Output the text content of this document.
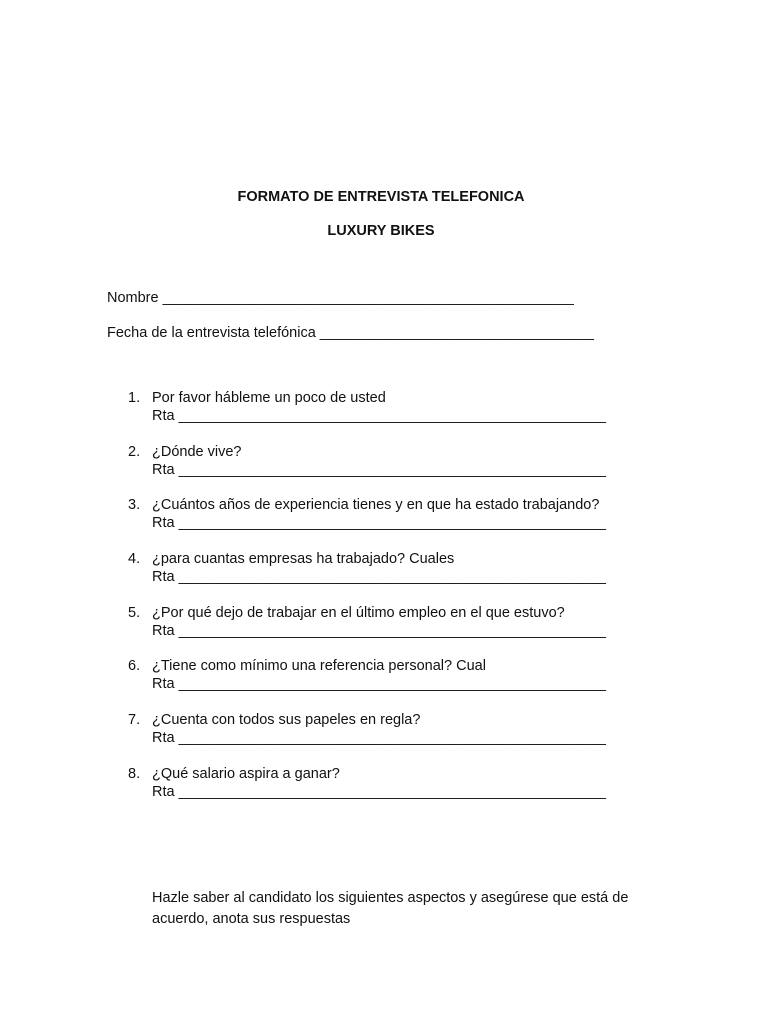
FORMATO DE ENTREVISTA TELEFONICA

LUXURY BIKES

Nombre ___________________________________________________
Fecha de la entrevista telefónica __________________________________
1. Por favor hábleme un poco de usted
Rta _____________________________________________________
2. ¿Dónde vive?
Rta _____________________________________________________
3. ¿Cuántos años de experiencia tienes y en que ha estado trabajando?
Rta _____________________________________________________
4. ¿para cuantas empresas ha trabajado? Cuales
Rta _____________________________________________________
5. ¿Por qué dejo de trabajar en el último empleo en el que estuvo?
Rta _____________________________________________________
6. ¿Tiene como mínimo una referencia personal? Cual
Rta _____________________________________________________
7. ¿Cuenta con todos sus papeles en regla?
Rta _____________________________________________________
8. ¿Qué salario aspira a ganar?
Rta _____________________________________________________

Hazle saber al candidato los siguientes aspectos y asegúrese que está de acuerdo, anota sus respuestas
